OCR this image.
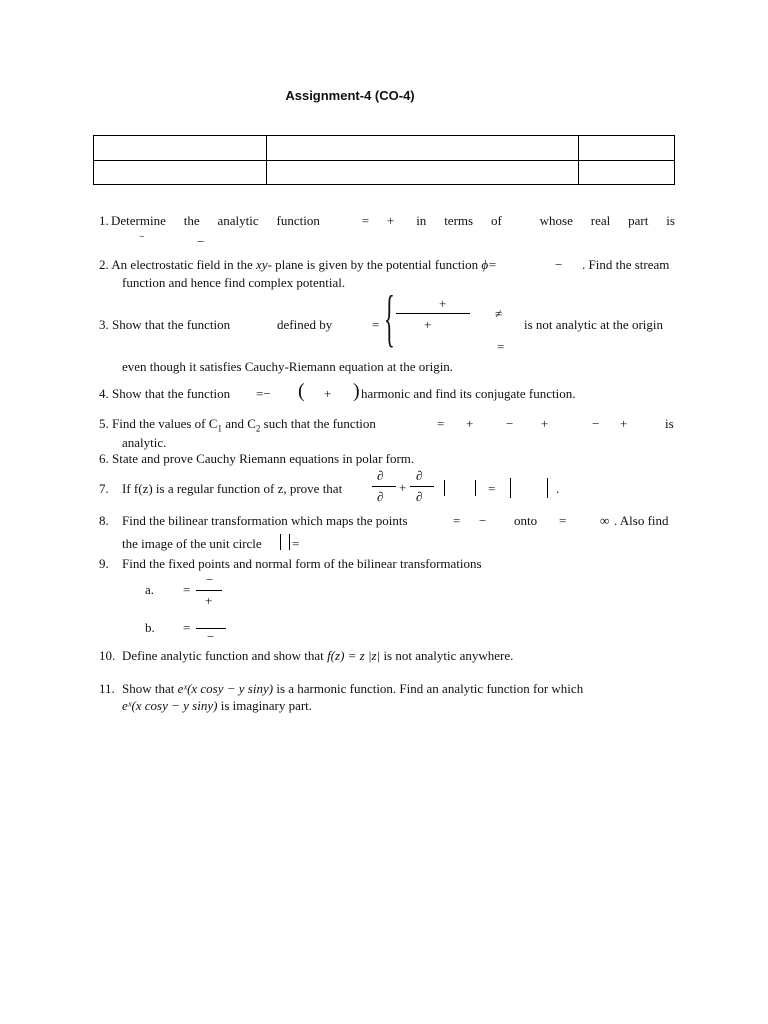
Assignment-4 (CO-4)

1. Determine the analytic function	= +	in terms of	whose real part is
−	−
2. An electrostatic field in the xy- plane is given by the potential function ϕ=	− . Find the stream
function and hence find complex potential.
3. Show that the function	defined by	= {	+
+
≠
=
is not analytic at the origin
even though it satisfies Cauchy-Riemann equation at the origin.
4. Show that the function =− ( + ) harmonic and find its conjugate function.
5. Find the values of $C_1$ and $C_2$ such that the function	= +	− +	− +	is
analytic.
6. State and prove Cauchy Riemann equations in polar form.
7. If f(z) is a regular function of z, prove that
∂
∂
+
∂
∂
=	.
8. Find the bilinear transformation which maps the points	= − onto =	∞ . Also find
the image of the unit circle =
9. Find the fixed points and normal form of the bilinear transformations
a. =
−
+
b. =
−
10. Define analytic function and show that f(z) = z |z| is not analytic anywhere.
11. Show that eˣ(x cosy − y siny) is a harmonic function. Find an analytic function for which
eˣ(x cosy − y siny) is imaginary part.
